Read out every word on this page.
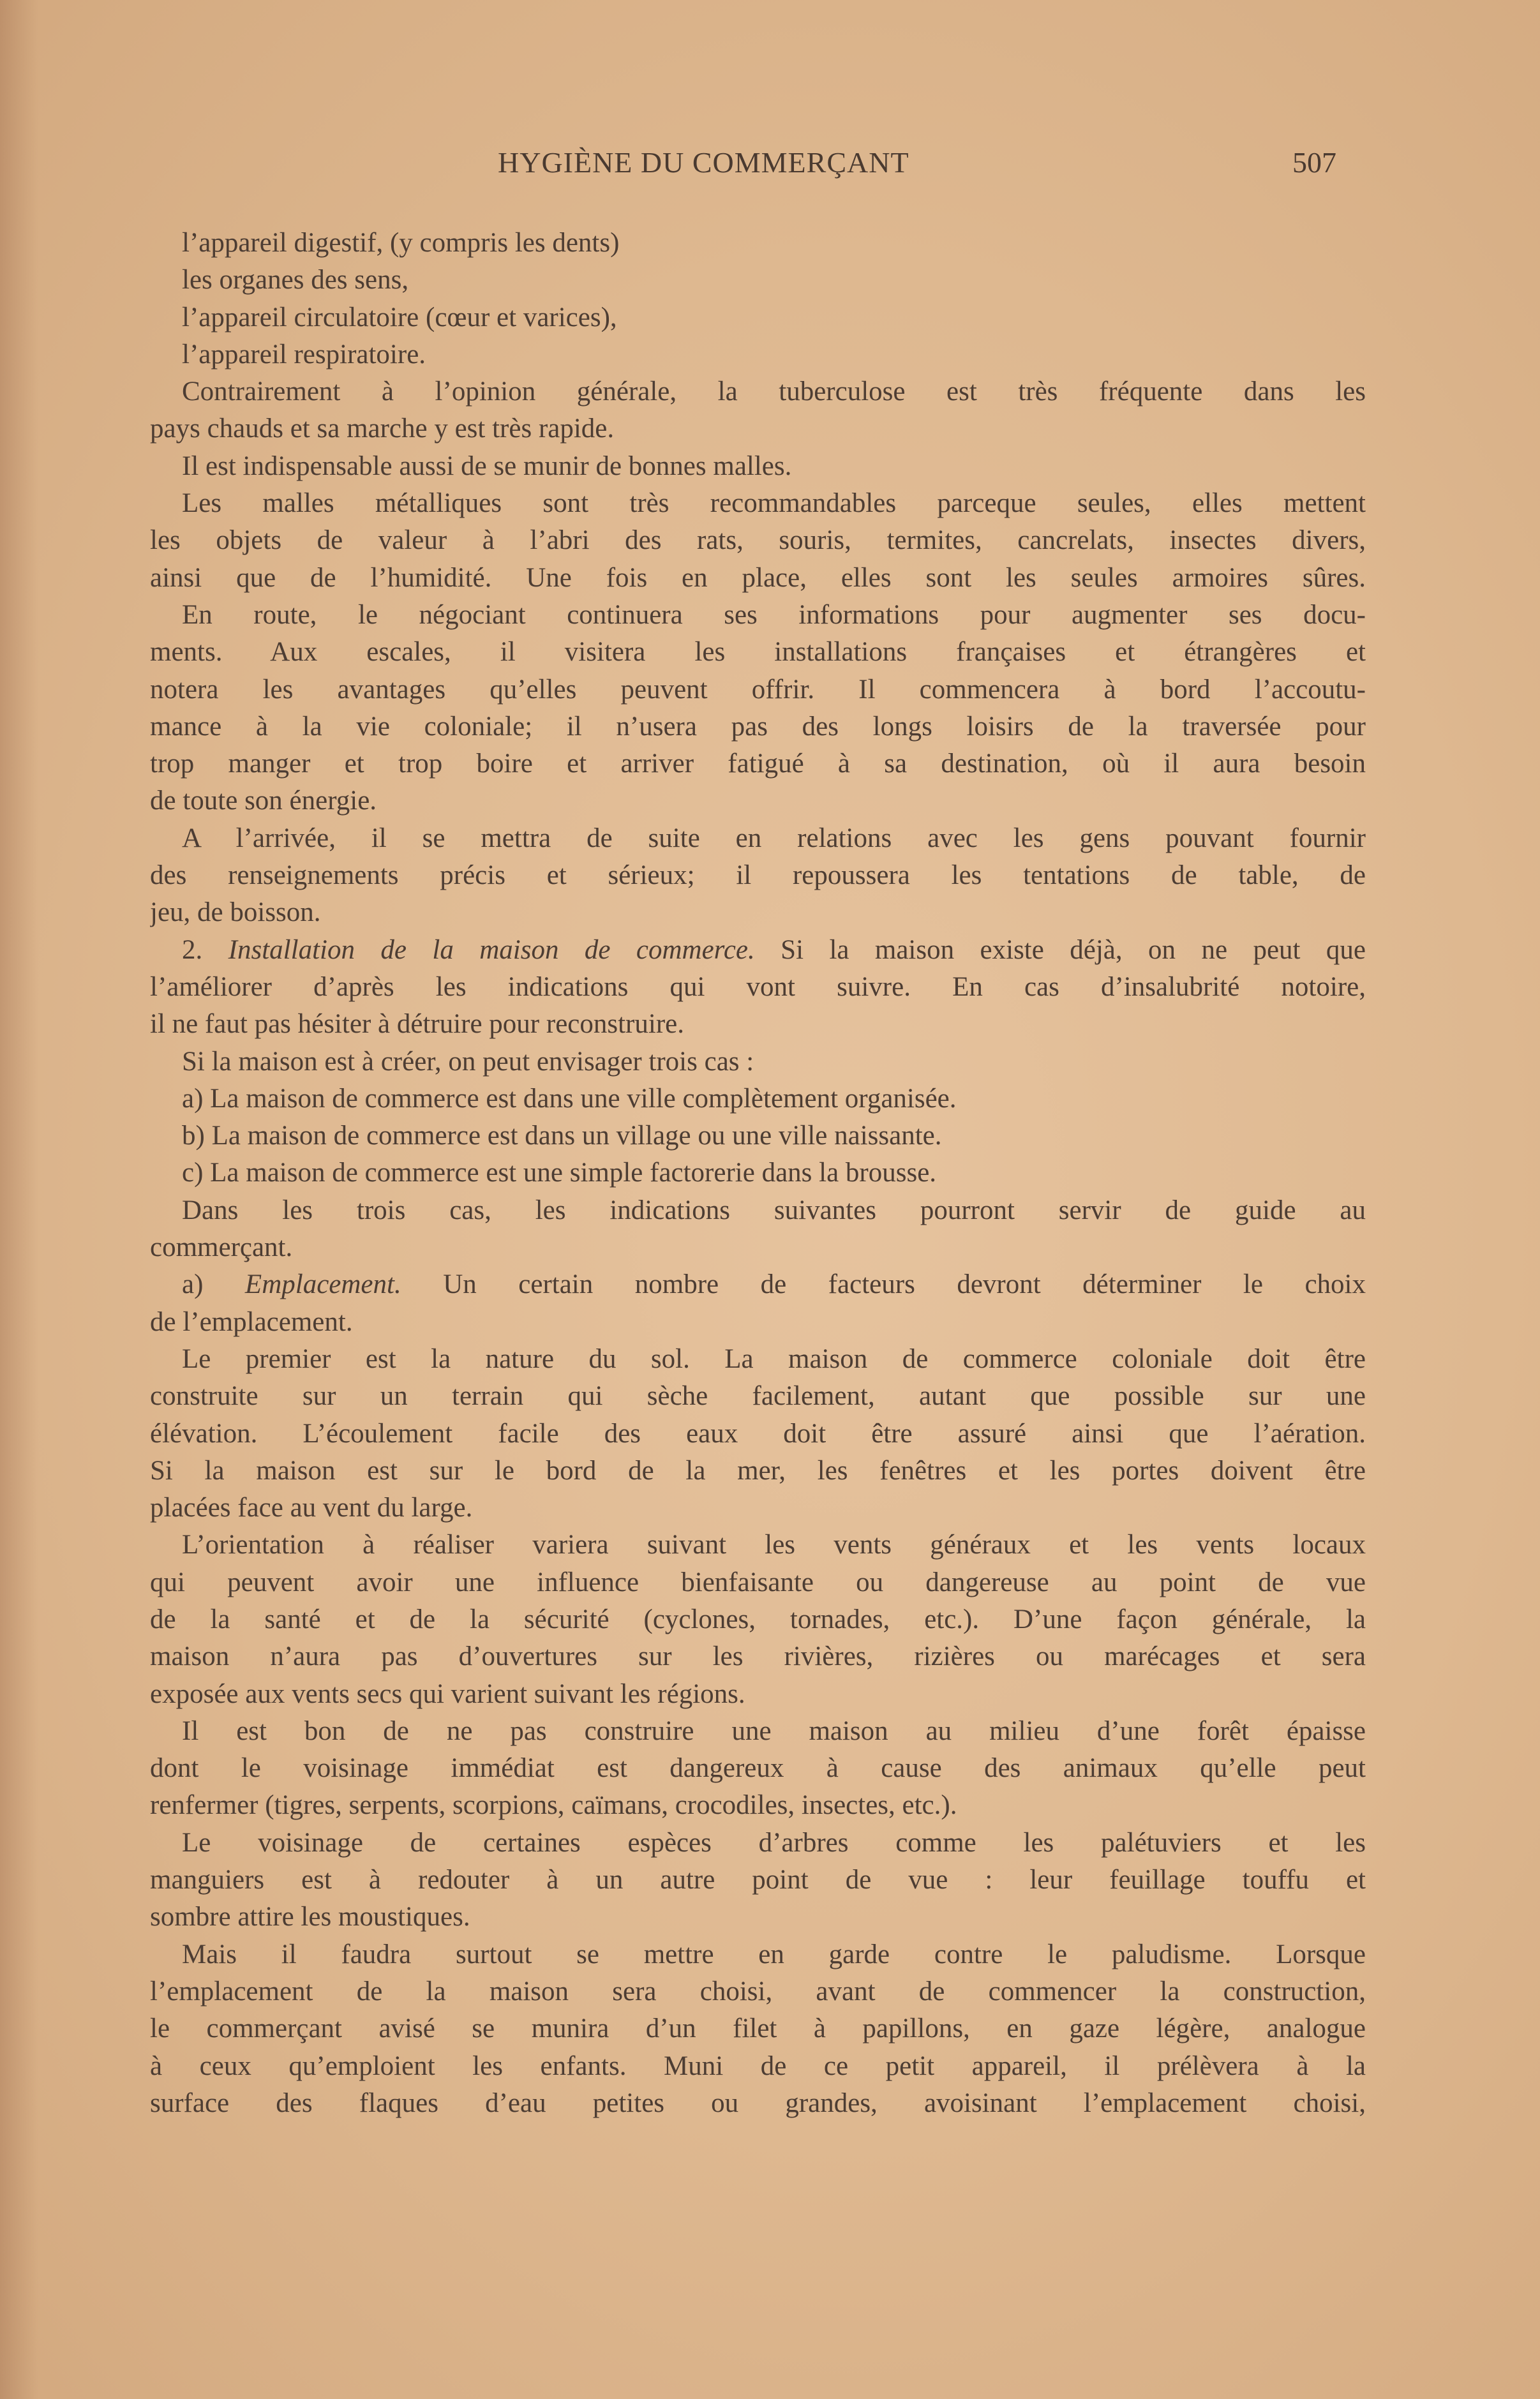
HYGIÈNE DU COMMERÇANT	507
l’appareil digestif, (y compris les dents)
les organes des sens,
l’appareil circulatoire (cœur et varices),
l’appareil respiratoire.
Contrairement à l’opinion générale, la tuberculose est très fréquente dans les
pays chauds et sa marche y est très rapide.
Il est indispensable aussi de se munir de bonnes malles.
Les malles métalliques sont très recommandables parceque seules, elles mettent
les objets de valeur à l’abri des rats, souris, termites, cancrelats, insectes divers,
ainsi que de l’humidité. Une fois en place, elles sont les seules armoires sûres.
En route, le négociant continuera ses informations pour augmenter ses docu-
ments. Aux escales, il visitera les installations françaises et étrangères et
notera les avantages qu’elles peuvent offrir. Il commencera à bord l’accoutu-
mance à la vie coloniale; il n’usera pas des longs loisirs de la traversée pour
trop manger et trop boire et arriver fatigué à sa destination, où il aura besoin
de toute son énergie.
A l’arrivée, il se mettra de suite en relations avec les gens pouvant fournir
des renseignements précis et sérieux; il repoussera les tentations de table, de
jeu, de boisson.
2. Installation de la maison de commerce. Si la maison existe déjà, on ne peut que
l’améliorer d’après les indications qui vont suivre. En cas d’insalubrité notoire,
il ne faut pas hésiter à détruire pour reconstruire.
Si la maison est à créer, on peut envisager trois cas :
a) La maison de commerce est dans une ville complètement organisée.
b) La maison de commerce est dans un village ou une ville naissante.
c) La maison de commerce est une simple factorerie dans la brousse.
Dans les trois cas, les indications suivantes pourront servir de guide au
commerçant.
a) Emplacement. Un certain nombre de facteurs devront déterminer le choix
de l’emplacement.
Le premier est la nature du sol. La maison de commerce coloniale doit être
construite sur un terrain qui sèche facilement, autant que possible sur une
élévation. L’écoulement facile des eaux doit être assuré ainsi que l’aération.
Si la maison est sur le bord de la mer, les fenêtres et les portes doivent être
placées face au vent du large.
L’orientation à réaliser variera suivant les vents généraux et les vents locaux
qui peuvent avoir une influence bienfaisante ou dangereuse au point de vue
de la santé et de la sécurité (cyclones, tornades, etc.). D’une façon générale, la
maison n’aura pas d’ouvertures sur les rivières, rizières ou marécages et sera
exposée aux vents secs qui varient suivant les régions.
Il est bon de ne pas construire une maison au milieu d’une forêt épaisse
dont le voisinage immédiat est dangereux à cause des animaux qu’elle peut
renfermer (tigres, serpents, scorpions, caïmans, crocodiles, insectes, etc.).
Le voisinage de certaines espèces d’arbres comme les palétuviers et les
manguiers est à redouter à un autre point de vue : leur feuillage touffu et
sombre attire les moustiques.
Mais il faudra surtout se mettre en garde contre le paludisme. Lorsque
l’emplacement de la maison sera choisi, avant de commencer la construction,
le commerçant avisé se munira d’un filet à papillons, en gaze légère, analogue
à ceux qu’emploient les enfants. Muni de ce petit appareil, il prélèvera à la
surface des flaques d’eau petites ou grandes, avoisinant l’emplacement choisi,
